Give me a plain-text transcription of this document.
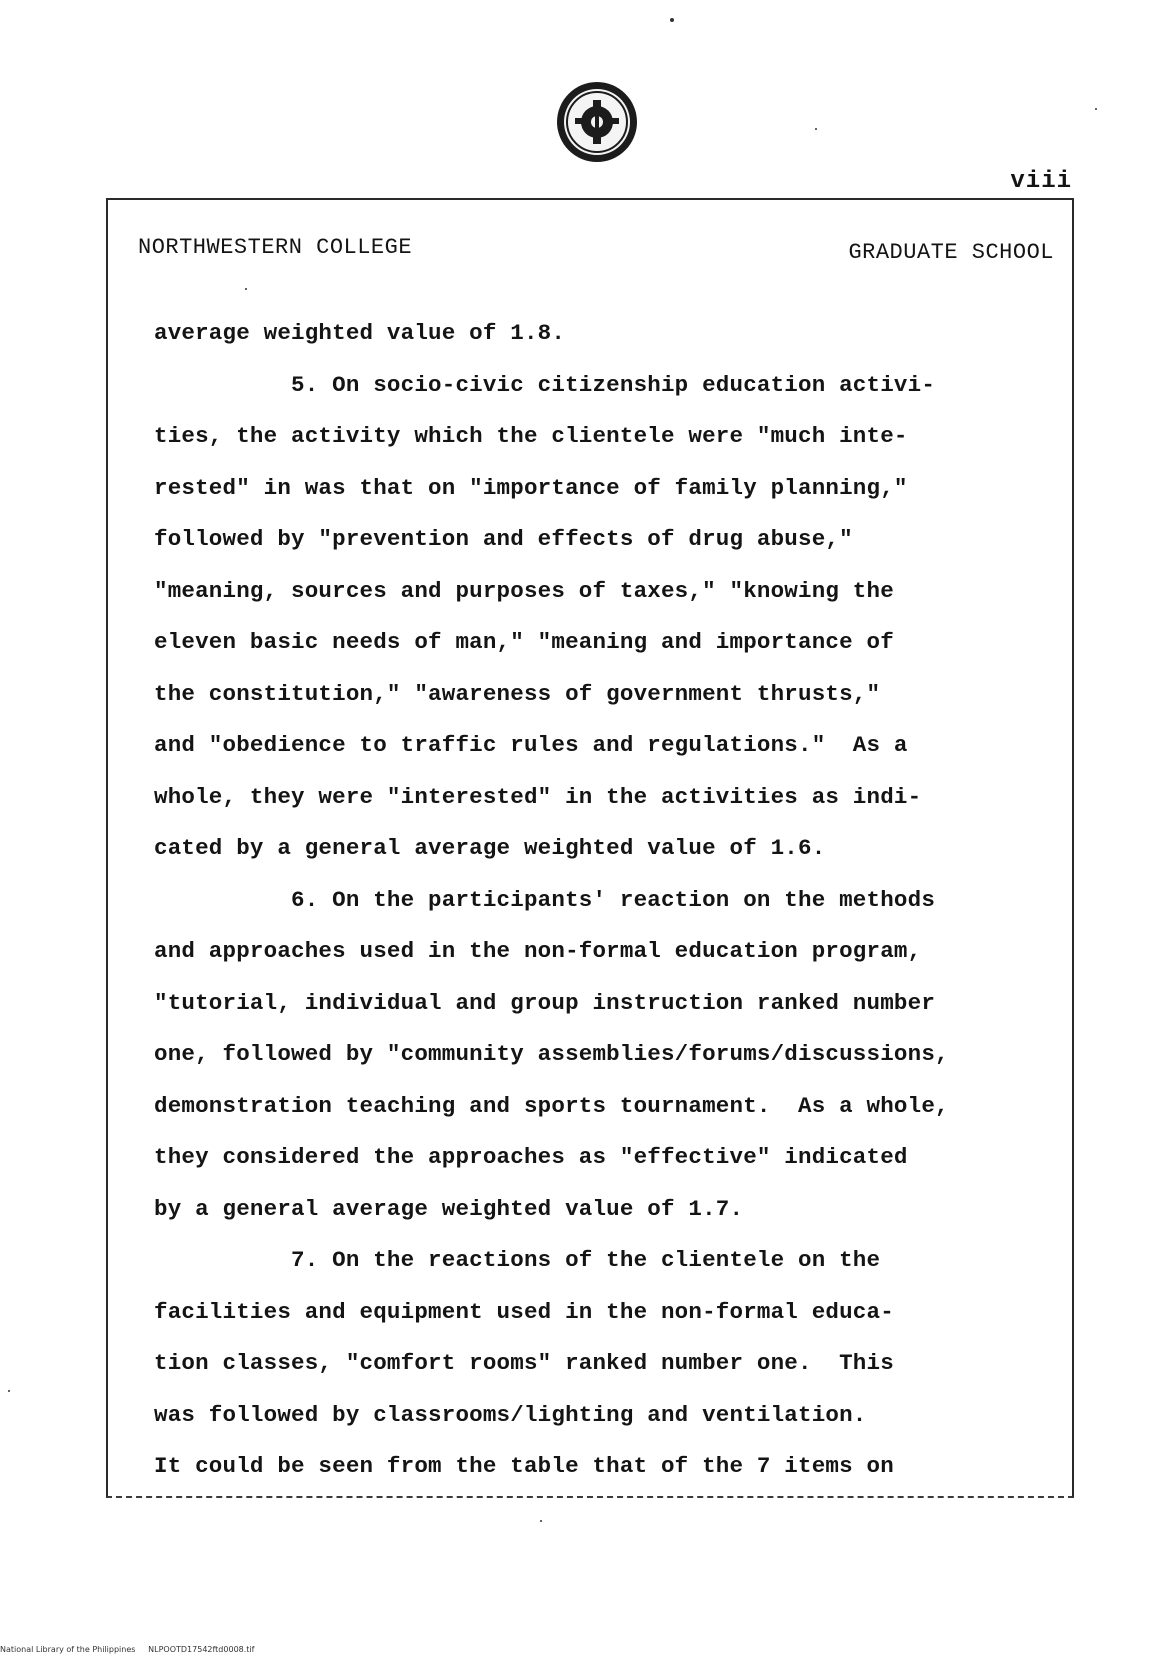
viii
NORTHWESTERN COLLEGE	GRADUATE SCHOOL
average weighted value of 1.8.
5. On socio-civic citizenship education activi-
ties, the activity which the clientele were "much inte-
rested" in was that on "importance of family planning,"
followed by "prevention and effects of drug abuse,"
"meaning, sources and purposes of taxes," "knowing the
eleven basic needs of man," "meaning and importance of
the constitution," "awareness of government thrusts,"
and "obedience to traffic rules and regulations."  As a
whole, they were "interested" in the activities as indi-
cated by a general average weighted value of 1.6.
6. On the participants' reaction on the methods
and approaches used in the non-formal education program,
"tutorial, individual and group instruction ranked number
one, followed by "community assemblies/forums/discussions,
demonstration teaching and sports tournament.  As a whole,
they considered the approaches as "effective" indicated
by a general average weighted value of 1.7.
7. On the reactions of the clientele on the
facilities and equipment used in the non-formal educa-
tion classes, "comfort rooms" ranked number one.  This
was followed by classrooms/lighting and ventilation.
It could be seen from the table that of the 7 items on
National Library of the Philippines     NLPOOTD17542ftd0008.tif
